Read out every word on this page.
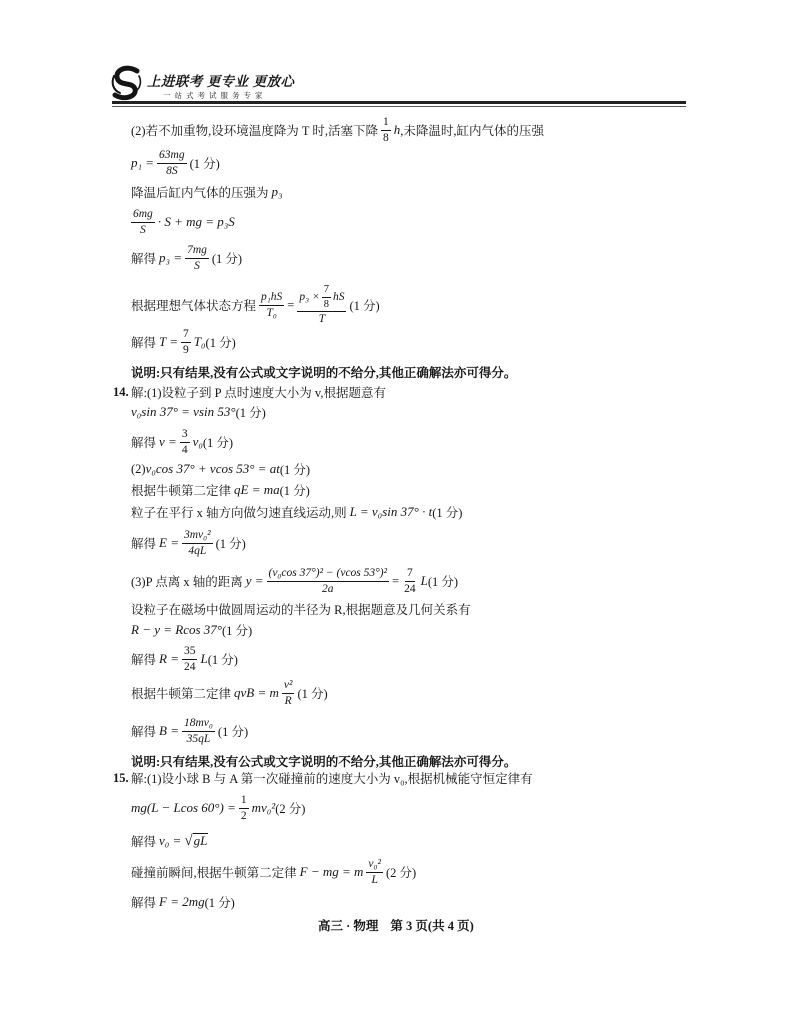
上进联考 更专业 更放心
一站式考试服务专家
(2)若不加重物,设环境温度降为 T 时,活塞下降 $\frac{1}{8}$ h ,未降温时,缸内气体的压强
$p_1 = \frac{63mg}{8S} (1$ 分)
降温后缸内气体的压强为 p₃
$\frac{6mg}{S} \cdot S$ + mg = p₃S
解得 $p_3 = \frac{7mg}{S} (1$ 分)
根据理想气体状态方程 $\frac{\text{p₁hS}}{\text{T₀}} = \frac{p_3 \times \frac{7}{8} hS}{T} (1$ 分)
解得 $T = \frac{7}{9} T_0$ (1 分)
说明:只有结果,没有公式或文字说明的不给分,其他正确解法亦可得分。
14. 解:(1)设粒子到 P 点时速度大小为 v,根据题意有
v₀sin 37° = vsin 53° (1 分)
解得 $v = \frac{3}{4} v_0$ (1 分)
(2) v₀cos 37° + vcos 53° = at (1 分)
根据牛顿第二定律 qE = ma (1 分)
粒子在平行 x 轴方向做匀速直线运动,则 L = v₀sin 37° · t (1 分)
解得 $E = \frac{\text{3mv₀²}}{4qL} (1$ 分)
(3)P 点离 x 轴的距离 $y = \frac{\text{(v₀cos 37°)² − (vcos 53°)²}}{2a} = \frac{7}{24}$ L (1 分)
设粒子在磁场中做圆周运动的半径为 R,根据题意及几何关系有
R − y = Rcos 37° (1 分)
解得 $R = \frac{35}{24}$ L (1 分)
根据牛顿第二定律 qvB = m $\frac{\text{v²}}{R} (1$ 分)
解得 $B = \frac{\text{18mv₀}}{35qL} (1$ 分)
说明:只有结果,没有公式或文字说明的不给分,其他正确解法亦可得分。
15. 解:(1)设小球 B 与 A 第一次碰撞前的速度大小为 v₀,根据机械能守恒定律有
mg(L − Lcos $60^\circ) = \frac{1}{2} mv_0^2$ (2 分)
解得 v₀ = √ gL
碰撞前瞬间,根据牛顿第二定律 F − mg = m $\frac{\text{v₀²}}{L} (2$ 分)
解得 F = 2mg (1 分)
高三 · 物理 第 3 页(共 4 页)
